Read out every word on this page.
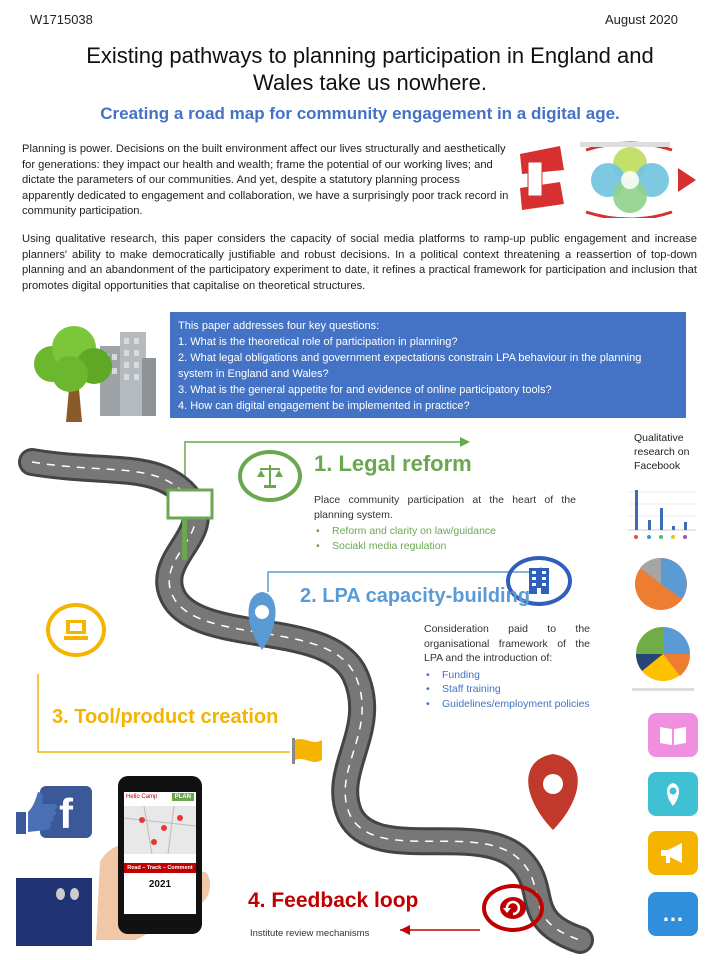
W1715038	August 2020
Existing pathways to planning participation in England and Wales take us nowhere.
Creating a road map for community engagement in a digital age.
Planning is power. Decisions on the built environment affect our lives structurally and aesthetically for generations: they impact our health and wealth; frame the potential of our working lives; and dictate the parameters of our communities. And yet, despite a statutory planning process apparently dedicated to engagement and collaboration, we have a surprisingly poor track record in community participation.
Using qualitative research, this paper considers the capacity of social media platforms to ramp-up public engagement and increase planners' ability to make democratically justifiable and robust decisions. In a political context threatening a reassertion of top-down planning and an abandonment of the participatory experiment to date, it refines a practical framework for participation and inclusion that promotes digital opportunities that capitalise on theoretical structures.
This paper addresses four key questions:
1. What is the theoretical role of participation in planning?
2. What legal obligations and government expectations constrain LPA behaviour in the planning system in England and Wales?
3. What is the general appetite for and evidence of online participatory tools?
4. How can digital engagement be implemented in practice?
1. Legal reform
Place community participation at the heart of the planning system.
• Reform and clarity on law/guidance
• Sociakl media regulation
2. LPA capacity-building
Consideration paid to the organisational framework of the LPA and the introduction of:
• Funding
• Staff training
• Guidelines/employment policies
3. Tool/product creation
4. Feedback loop
Institute review mechanisms
Qualitative research on Facebook
…
f	Hello Camp	PLAN
Read – Track – Comment
2021
